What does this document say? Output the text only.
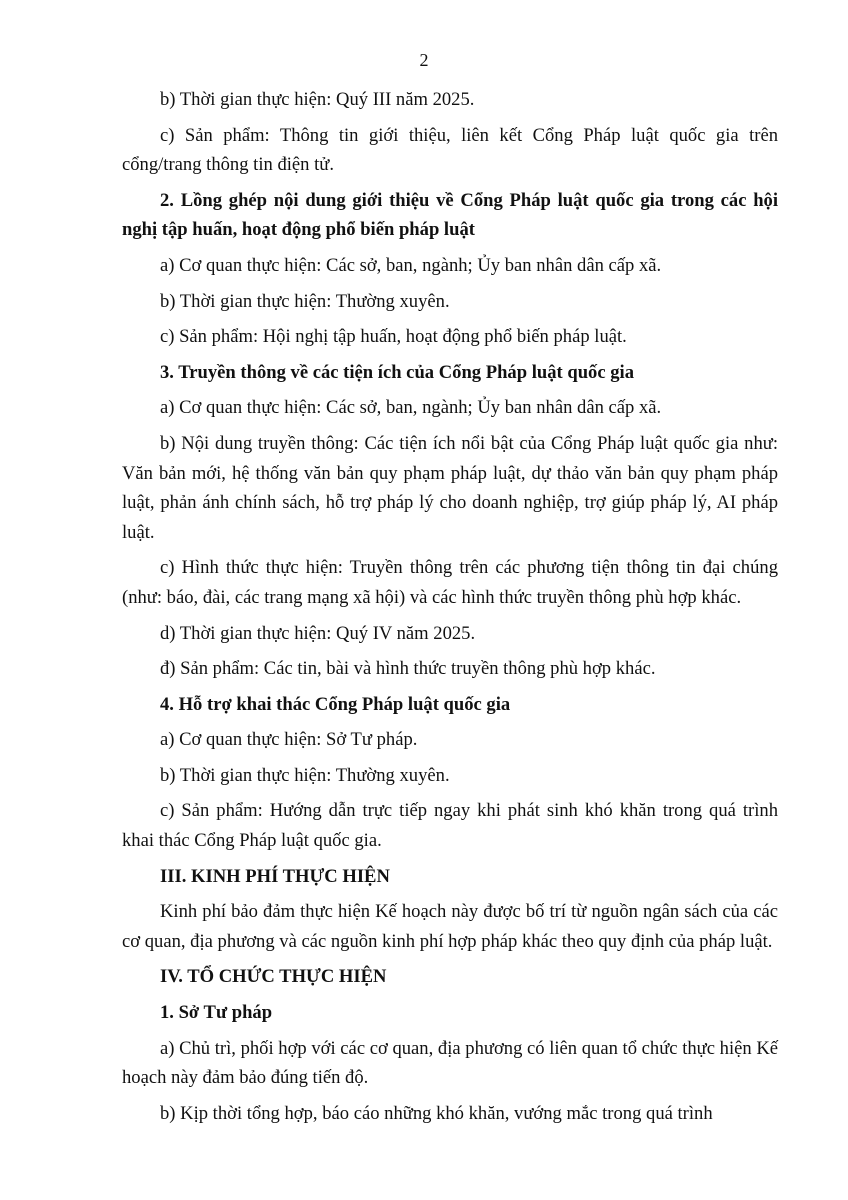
2

b) Thời gian thực hiện: Quý III năm 2025.

c) Sản phẩm: Thông tin giới thiệu, liên kết Cổng Pháp luật quốc gia trên cổng/trang thông tin điện tử.

2. Lồng ghép nội dung giới thiệu về Cổng Pháp luật quốc gia trong các hội nghị tập huấn, hoạt động phổ biến pháp luật

a) Cơ quan thực hiện: Các sở, ban, ngành; Ủy ban nhân dân cấp xã.

b) Thời gian thực hiện: Thường xuyên.

c) Sản phẩm: Hội nghị tập huấn, hoạt động phổ biến pháp luật.

3. Truyền thông về các tiện ích của Cổng Pháp luật quốc gia

a) Cơ quan thực hiện: Các sở, ban, ngành; Ủy ban nhân dân cấp xã.

b) Nội dung truyền thông: Các tiện ích nổi bật của Cổng Pháp luật quốc gia như: Văn bản mới, hệ thống văn bản quy phạm pháp luật, dự thảo văn bản quy phạm pháp luật, phản ánh chính sách, hỗ trợ pháp lý cho doanh nghiệp, trợ giúp pháp lý, AI pháp luật.

c) Hình thức thực hiện: Truyền thông trên các phương tiện thông tin đại chúng (như: báo, đài, các trang mạng xã hội) và các hình thức truyền thông phù hợp khác.

d) Thời gian thực hiện: Quý IV năm 2025.

đ) Sản phẩm: Các tin, bài và hình thức truyền thông phù hợp khác.

4. Hỗ trợ khai thác Cổng Pháp luật quốc gia

a) Cơ quan thực hiện: Sở Tư pháp.

b) Thời gian thực hiện: Thường xuyên.

c) Sản phẩm: Hướng dẫn trực tiếp ngay khi phát sinh khó khăn trong quá trình khai thác Cổng Pháp luật quốc gia.

III. KINH PHÍ THỰC HIỆN

Kinh phí bảo đảm thực hiện Kế hoạch này được bố trí từ nguồn ngân sách của các cơ quan, địa phương và các nguồn kinh phí hợp pháp khác theo quy định của pháp luật.

IV. TỔ CHỨC THỰC HIỆN

1. Sở Tư pháp

a) Chủ trì, phối hợp với các cơ quan, địa phương có liên quan tổ chức thực hiện Kế hoạch này đảm bảo đúng tiến độ.

b) Kịp thời tổng hợp, báo cáo những khó khăn, vướng mắc trong quá trình
